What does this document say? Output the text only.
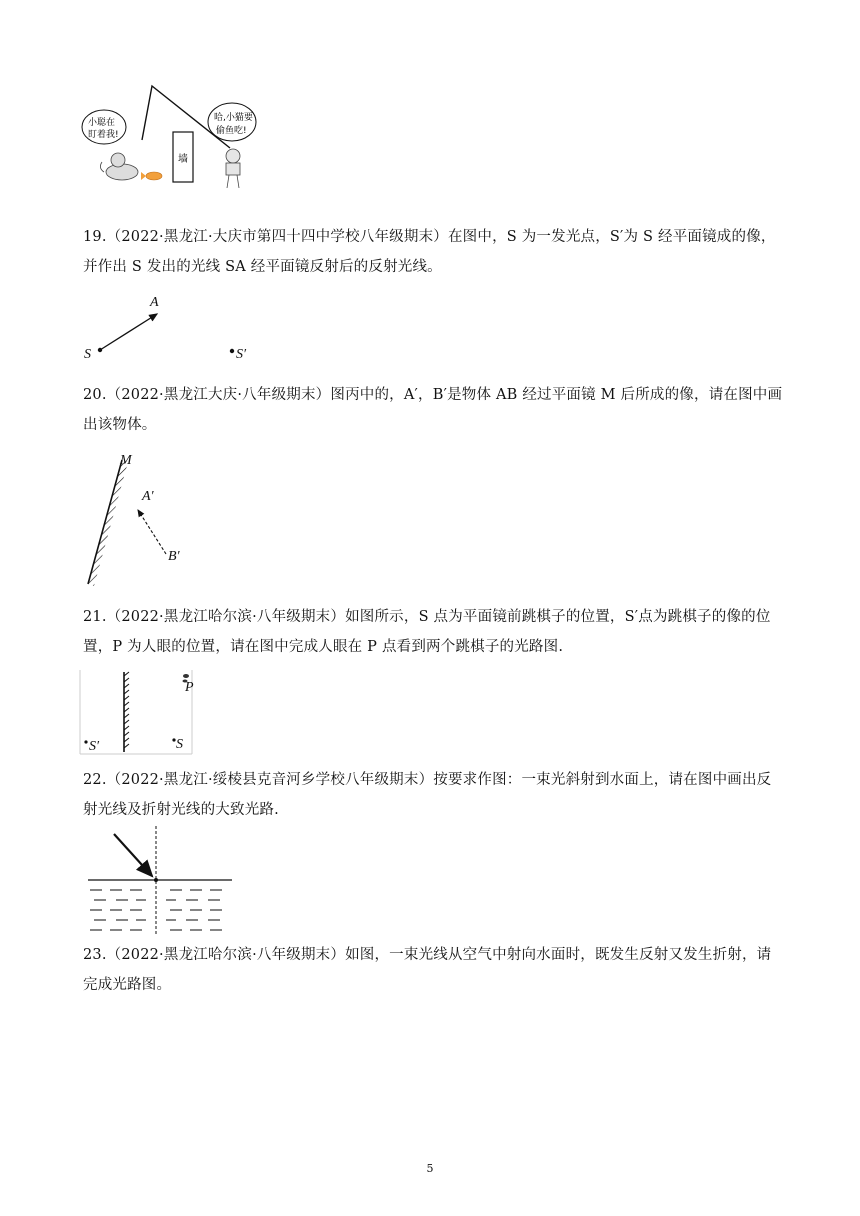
墙
小聪在
盯着我!
哈,小猫要
偷鱼吃!
19.（2022·黑龙江·大庆市第四十四中学校八年级期末）在图中，S 为一发光点，S′为 S 经平面镜成的像，并作出 S 发出的光线 SA 经平面镜反射后的反射光线。
A
S	S′
20.（2022·黑龙江大庆·八年级期末）图丙中的，A′，B′是物体 AB 经过平面镜 M 后所成的像，请在图中画出该物体。
M
A′
B′
21.（2022·黑龙江哈尔滨·八年级期末）如图所示，S 点为平面镜前跳棋子的位置，S′点为跳棋子的像的位置，P 为人眼的位置，请在图中完成人眼在 P 点看到两个跳棋子的光路图.
S′	S
P
22.（2022·黑龙江·绥棱县克音河乡学校八年级期末）按要求作图：一束光斜射到水面上，请在图中画出反射光线及折射光线的大致光路.
23.（2022·黑龙江哈尔滨·八年级期末）如图，一束光线从空气中射向水面时，既发生反射又发生折射，请完成光路图。
5
